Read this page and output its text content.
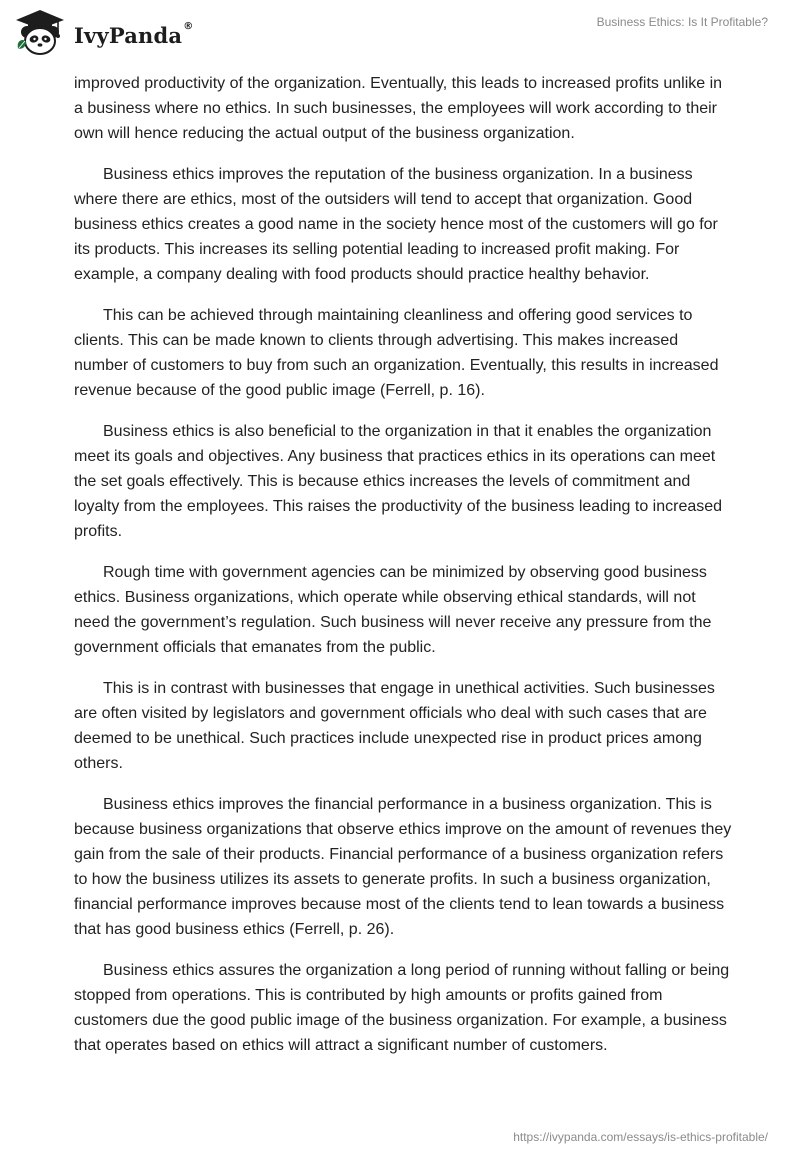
IvyPanda®	Business Ethics: Is It Profitable?

improved productivity of the organization. Eventually, this leads to increased profits unlike in a business where no ethics. In such businesses, the employees will work according to their own will hence reducing the actual output of the business organization.

Business ethics improves the reputation of the business organization. In a business where there are ethics, most of the outsiders will tend to accept that organization. Good business ethics creates a good name in the society hence most of the customers will go for its products. This increases its selling potential leading to increased profit making. For example, a company dealing with food products should practice healthy behavior.

This can be achieved through maintaining cleanliness and offering good services to clients. This can be made known to clients through advertising. This makes increased number of customers to buy from such an organization. Eventually, this results in increased revenue because of the good public image (Ferrell, p. 16).

Business ethics is also beneficial to the organization in that it enables the organization meet its goals and objectives. Any business that practices ethics in its operations can meet the set goals effectively. This is because ethics increases the levels of commitment and loyalty from the employees. This raises the productivity of the business leading to increased profits.

Rough time with government agencies can be minimized by observing good business ethics. Business organizations, which operate while observing ethical standards, will not need the government’s regulation. Such business will never receive any pressure from the government officials that emanates from the public.

This is in contrast with businesses that engage in unethical activities. Such businesses are often visited by legislators and government officials who deal with such cases that are deemed to be unethical. Such practices include unexpected rise in product prices among others.

Business ethics improves the financial performance in a business organization. This is because business organizations that observe ethics improve on the amount of revenues they gain from the sale of their products. Financial performance of a business organization refers to how the business utilizes its assets to generate profits. In such a business organization, financial performance improves because most of the clients tend to lean towards a business that has good business ethics (Ferrell, p. 26).

Business ethics assures the organization a long period of running without falling or being stopped from operations. This is contributed by high amounts or profits gained from customers due the good public image of the business organization. For example, a business that operates based on ethics will attract a significant number of customers.

https://ivypanda.com/essays/is-ethics-profitable/
